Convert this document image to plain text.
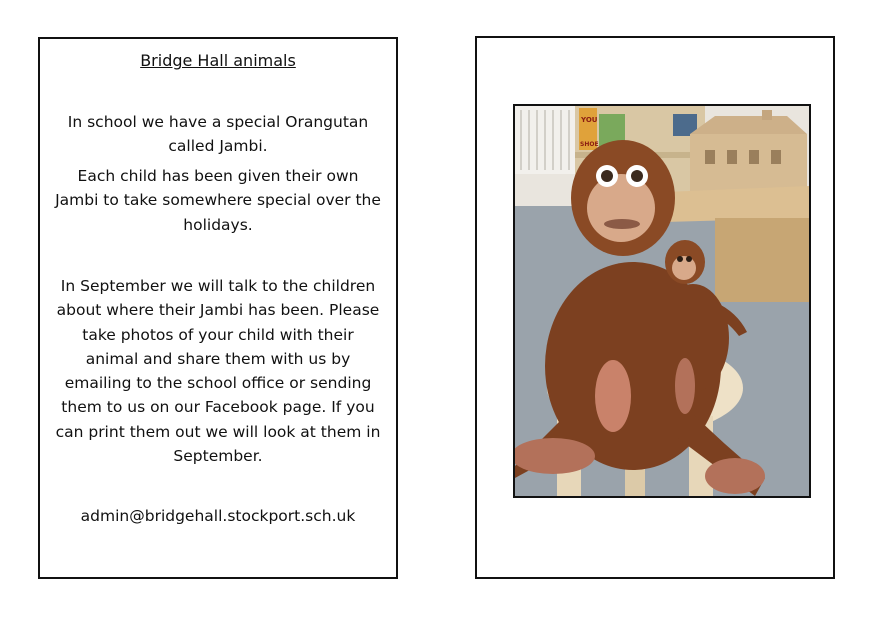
Bridge Hall animals
In school we have a special Orangutan called Jambi.
Each child has been given their own Jambi to take somewhere special over the holidays.
In September we will talk to the children about where their Jambi has been. Please take photos of your child with their animal and share them with us by emailing to the school office or sending them to us on our Facebook page. If you can print them out we will look at them in September.
admin@bridgehall.stockport.sch.uk
YOU
SHOE
